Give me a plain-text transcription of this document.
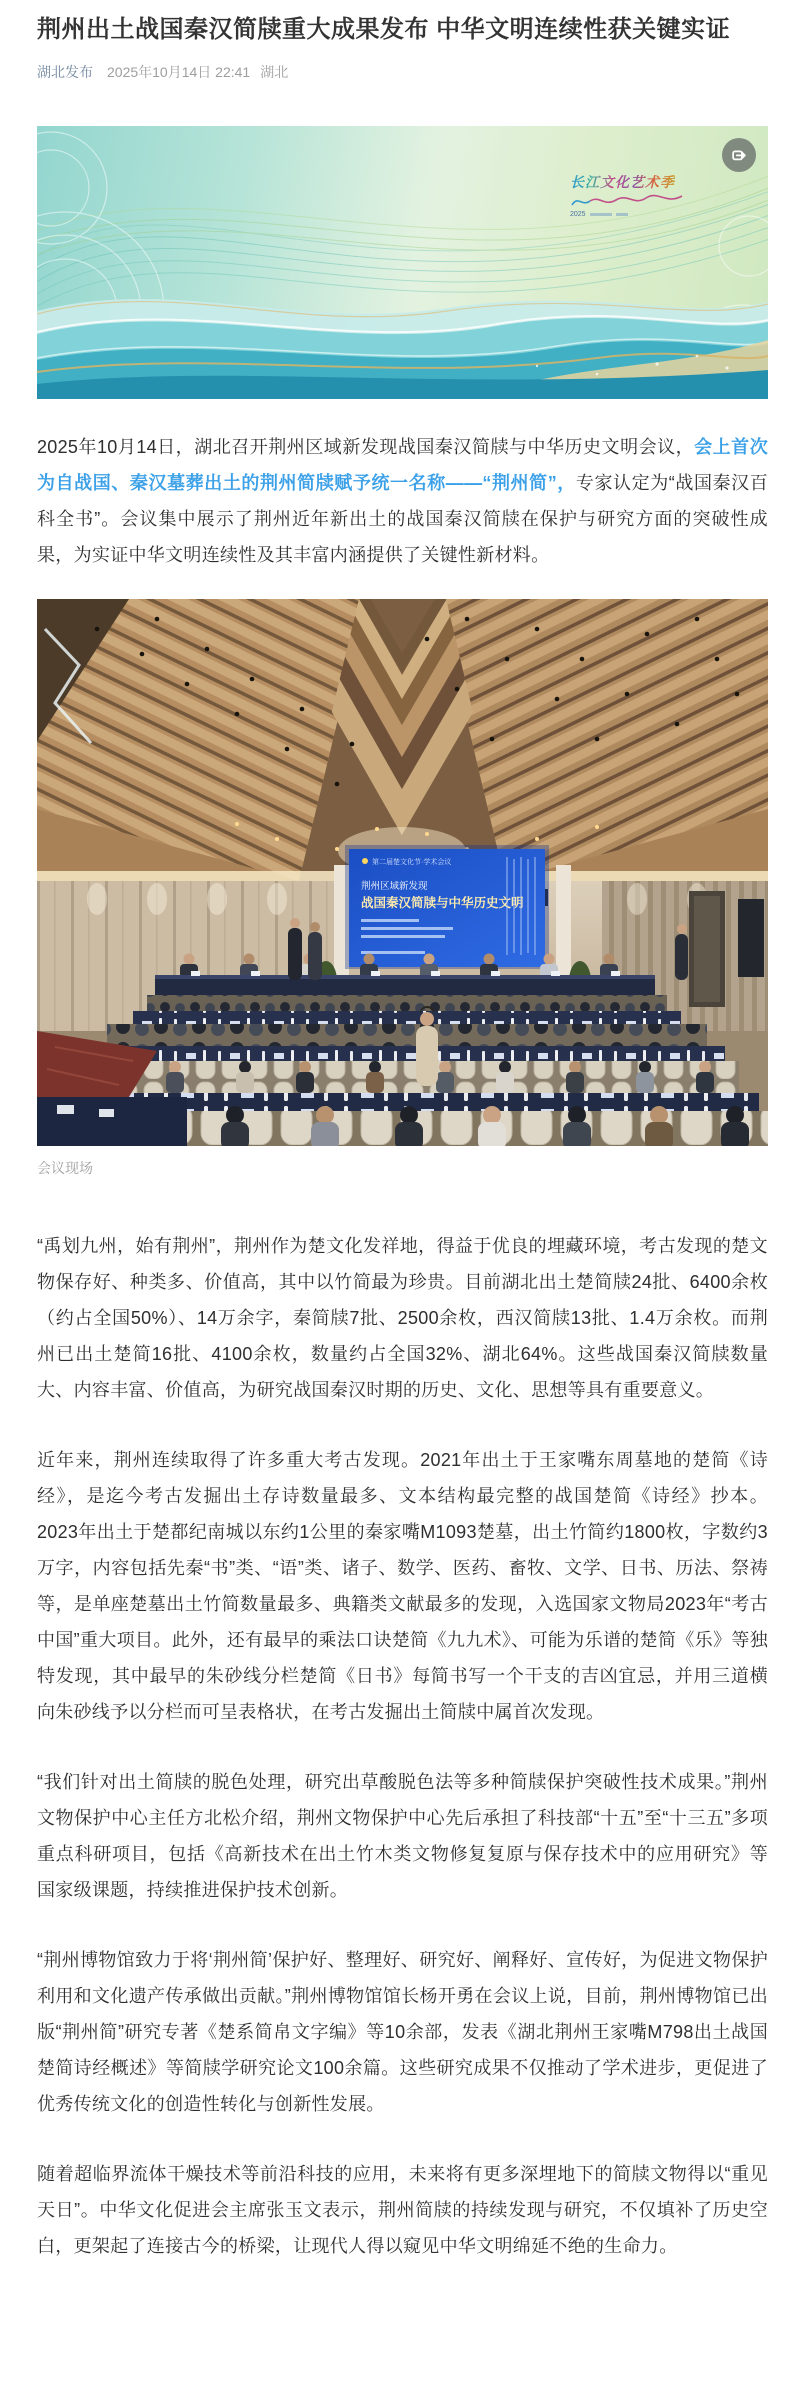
荆州出土战国秦汉简牍重大成果发布 中华文明连续性获关键实证
湖北发布 2025年10月14日 22:41 湖北
长江文化艺术季
2025

2025年10月14日，湖北召开荆州区域新发现战国秦汉简牍与中华历史文明会议，会上首次为自战国、秦汉墓葬出土的荆州简牍赋予统一名称——“荆州简”，专家认定为“战国秦汉百科全书”。会议集中展示了荆州近年新出土的战国秦汉简牍在保护与研究方面的突破性成果，为实证中华文明连续性及其丰富内涵提供了关键性新材料。

第二届楚文化节·学术会议
荆州区域新发现
战国秦汉简牍与中华历史文明
会议现场

“禹划九州，始有荆州”，荆州作为楚文化发祥地，得益于优良的埋藏环境，考古发现的楚文物保存好、种类多、价值高，其中以竹简最为珍贵。目前湖北出土楚简牍24批、6400余枚（约占全国50%）、14万余字，秦简牍7批、2500余枚，西汉简牍13批、1.4万余枚。而荆州已出土楚简16批、4100余枚，数量约占全国32%、湖北64%。这些战国秦汉简牍数量大、内容丰富、价值高，为研究战国秦汉时期的历史、文化、思想等具有重要意义。

近年来，荆州连续取得了许多重大考古发现。2021年出土于王家嘴东周墓地的楚简《诗经》，是迄今考古发掘出土存诗数量最多、文本结构最完整的战国楚简《诗经》抄本。 2023年出土于楚都纪南城以东约1公里的秦家嘴M1093楚墓，出土竹简约1800枚，字数约3万字，内容包括先秦“书”类、“语”类、诸子、数学、医药、畜牧、文学、日书、历法、祭祷等，是单座楚墓出土竹简数量最多、典籍类文献最多的发现，入选国家文物局2023年“考古中国”重大项目。此外，还有最早的乘法口诀楚简《九九术》、可能为乐谱的楚简《乐》等独特发现，其中最早的朱砂线分栏楚简《日书》每简书写一个干支的吉凶宜忌，并用三道横向朱砂线予以分栏而可呈表格状，在考古发掘出土简牍中属首次发现。

“我们针对出土简牍的脱色处理，研究出草酸脱色法等多种简牍保护突破性技术成果。”荆州文物保护中心主任方北松介绍，荆州文物保护中心先后承担了科技部“十五”至“十三五”多项重点科研项目，包括《高新技术在出土竹木类文物修复复原与保存技术中的应用研究》等国家级课题，持续推进保护技术创新。

“荆州博物馆致力于将‘荆州简’保护好、整理好、研究好、阐释好、宣传好，为促进文物保护利用和文化遗产传承做出贡献。”荆州博物馆馆长杨开勇在会议上说，目前，荆州博物馆已出版“荆州简”研究专著《楚系简帛文字编》等10余部，发表《湖北荆州王家嘴M798出土战国楚简诗经概述》等简牍学研究论文100余篇。这些研究成果不仅推动了学术进步，更促进了优秀传统文化的创造性转化与创新性发展。

随着超临界流体干燥技术等前沿科技的应用，未来将有更多深埋地下的简牍文物得以“重见天日”。中华文化促进会主席张玉文表示，荆州简牍的持续发现与研究，不仅填补了历史空白，更架起了连接古今的桥梁，让现代人得以窥见中华文明绵延不绝的生命力。
